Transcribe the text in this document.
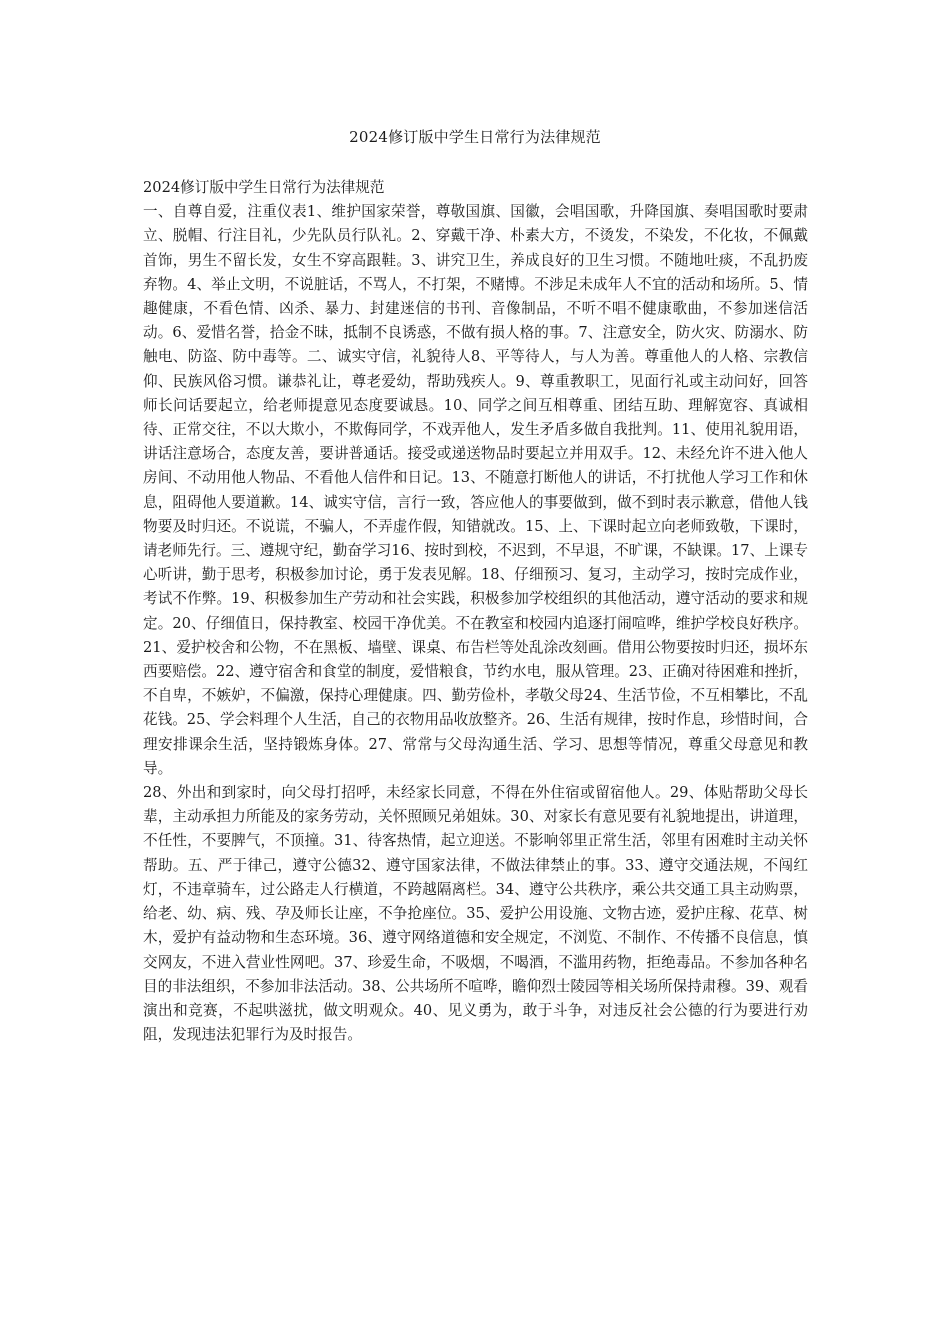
2024修订版中学生日常行为法律规范

2024修订版中学生日常行为法律规范

一、自尊自爱，注重仪表1、维护国家荣誉，尊敬国旗、国徽，会唱国歌，升降国旗、奏唱国歌时要肃立、脱帽、行注目礼，少先队员行队礼。2、穿戴干净、朴素大方，不烫发，不染发，不化妆，不佩戴首饰，男生不留长发，女生不穿高跟鞋。3、讲究卫生，养成良好的卫生习惯。不随地吐痰，不乱扔废弃物。4、举止文明，不说脏话，不骂人，不打架，不赌博。不涉足未成年人不宜的活动和场所。5、情趣健康，不看色情、凶杀、暴力、封建迷信的书刊、音像制品，不听不唱不健康歌曲，不参加迷信活动。6、爱惜名誉，拾金不昧，抵制不良诱惑，不做有损人格的事。7、注意安全，防火灾、防溺水、防触电、防盗、防中毒等。二、诚实守信，礼貌待人8、平等待人，与人为善。尊重他人的人格、宗教信仰、民族风俗习惯。谦恭礼让，尊老爱幼，帮助残疾人。9、尊重教职工，见面行礼或主动问好，回答师长问话要起立，给老师提意见态度要诚恳。10、同学之间互相尊重、团结互助、理解宽容、真诚相待、正常交往，不以大欺小，不欺侮同学，不戏弄他人，发生矛盾多做自我批判。11、使用礼貌用语，讲话注意场合，态度友善，要讲普通话。接受或递送物品时要起立并用双手。12、未经允许不进入他人房间、不动用他人物品、不看他人信件和日记。13、不随意打断他人的讲话，不打扰他人学习工作和休息，阻碍他人要道歉。14、诚实守信，言行一致，答应他人的事要做到，做不到时表示歉意，借他人钱物要及时归还。不说谎，不骗人，不弄虚作假，知错就改。15、上、下课时起立向老师致敬，下课时，请老师先行。三、遵规守纪，勤奋学习16、按时到校，不迟到，不早退，不旷课，不缺课。17、上课专心听讲，勤于思考，积极参加讨论，勇于发表见解。18、仔细预习、复习，主动学习，按时完成作业，考试不作弊。19、积极参加生产劳动和社会实践，积极参加学校组织的其他活动，遵守活动的要求和规定。20、仔细值日，保持教室、校园干净优美。不在教室和校园内追逐打闹喧哗，维护学校良好秩序。21、爱护校舍和公物，不在黑板、墙壁、课桌、布告栏等处乱涂改刻画。借用公物要按时归还，损坏东西要赔偿。22、遵守宿舍和食堂的制度，爱惜粮食，节约水电，服从管理。23、正确对待困难和挫折，不自卑，不嫉妒，不偏激，保持心理健康。四、勤劳俭朴，孝敬父母24、生活节俭，不互相攀比，不乱花钱。25、学会料理个人生活，自己的衣物用品收放整齐。26、生活有规律，按时作息，珍惜时间，合理安排课余生活，坚持锻炼身体。27、常常与父母沟通生活、学习、思想等情况，尊重父母意见和教导。

28、外出和到家时，向父母打招呼，未经家长同意，不得在外住宿或留宿他人。29、体贴帮助父母长辈，主动承担力所能及的家务劳动，关怀照顾兄弟姐妹。30、对家长有意见要有礼貌地提出，讲道理，不任性，不要脾气，不顶撞。31、待客热情，起立迎送。不影响邻里正常生活，邻里有困难时主动关怀帮助。五、严于律己，遵守公德32、遵守国家法律，不做法律禁止的事。33、遵守交通法规，不闯红灯，不违章骑车，过公路走人行横道，不跨越隔离栏。34、遵守公共秩序，乘公共交通工具主动购票，给老、幼、病、残、孕及师长让座，不争抢座位。35、爱护公用设施、文物古迹，爱护庄稼、花草、树木，爱护有益动物和生态环境。36、遵守网络道德和安全规定，不浏览、不制作、不传播不良信息，慎交网友，不进入营业性网吧。37、珍爱生命，不吸烟，不喝酒，不滥用药物，拒绝毒品。不参加各种名目的非法组织，不参加非法活动。38、公共场所不喧哗，瞻仰烈士陵园等相关场所保持肃穆。39、观看演出和竞赛，不起哄滋扰，做文明观众。40、见义勇为，敢于斗争，对违反社会公德的行为要进行劝阻，发现违法犯罪行为及时报告。
